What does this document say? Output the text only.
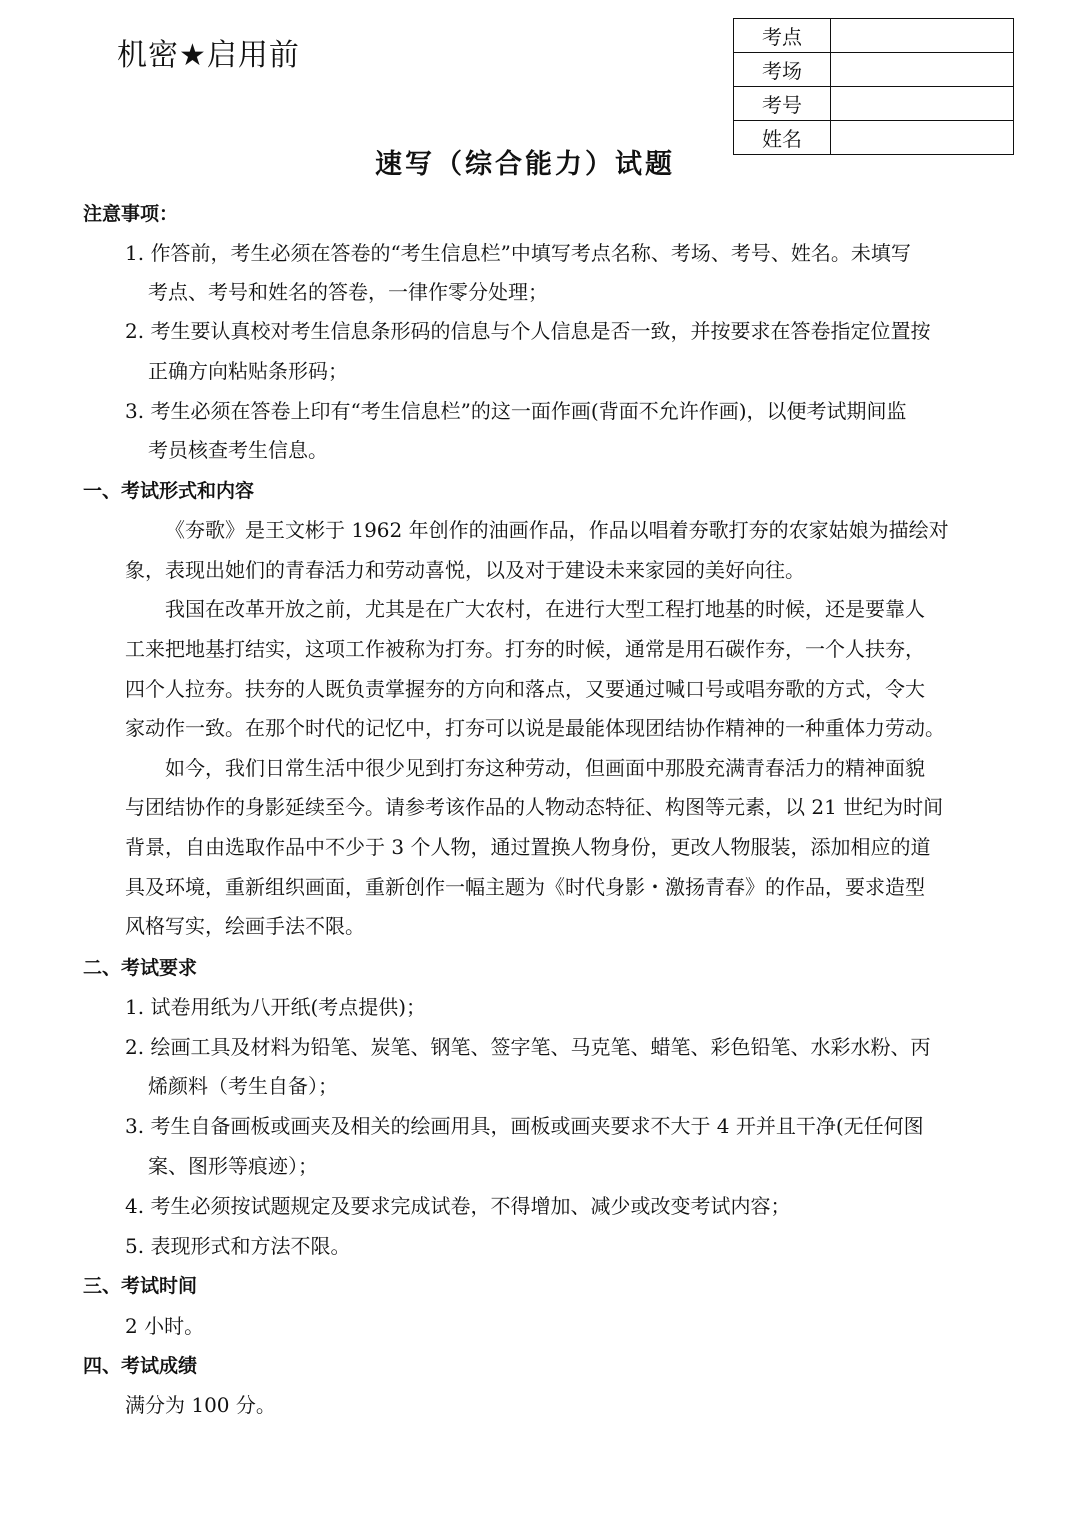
机密★启用前
考点	
考场	
考号	
姓名	
速写（综合能力）试题
注意事项：
1. 作答前，考生必须在答卷的“考生信息栏”中填写考点名称、考场、考号、姓名。未填写
考点、考号和姓名的答卷，一律作零分处理；
2. 考生要认真校对考生信息条形码的信息与个人信息是否一致，并按要求在答卷指定位置按
正确方向粘贴条形码；
3. 考生必须在答卷上印有“考生信息栏”的这一面作画(背面不允许作画)，以便考试期间监
考员核查考生信息。
一、考试形式和内容
《夯歌》是王文彬于 1962 年创作的油画作品，作品以唱着夯歌打夯的农家姑娘为描绘对
象，表现出她们的青春活力和劳动喜悦，以及对于建设未来家园的美好向往。
我国在改革开放之前，尤其是在广大农村，在进行大型工程打地基的时候，还是要靠人
工来把地基打结实，这项工作被称为打夯。打夯的时候，通常是用石碳作夯，一个人扶夯，
四个人拉夯。扶夯的人既负责掌握夯的方向和落点，又要通过喊口号或唱夯歌的方式，令大
家动作一致。在那个时代的记忆中，打夯可以说是最能体现团结协作精神的一种重体力劳动。
如今，我们日常生活中很少见到打夯这种劳动，但画面中那股充满青春活力的精神面貌
与团结协作的身影延续至今。请参考该作品的人物动态特征、构图等元素，以 21 世纪为时间
背景，自由选取作品中不少于 3 个人物，通过置换人物身份，更改人物服装，添加相应的道
具及环境，重新组织画面，重新创作一幅主题为《时代身影・激扬青春》的作品，要求造型
风格写实，绘画手法不限。
二、考试要求
1. 试卷用纸为八开纸(考点提供)；
2. 绘画工具及材料为铅笔、炭笔、钢笔、签字笔、马克笔、蜡笔、彩色铅笔、水彩水粉、丙
烯颜料（考生自备）；
3. 考生自备画板或画夹及相关的绘画用具，画板或画夹要求不大于 4 开并且干净(无任何图
案、图形等痕迹）；
4. 考生必须按试题规定及要求完成试卷，不得增加、减少或改变考试内容；
5. 表现形式和方法不限。
三、考试时间
2 小时。
四、考试成绩
满分为 100 分。
